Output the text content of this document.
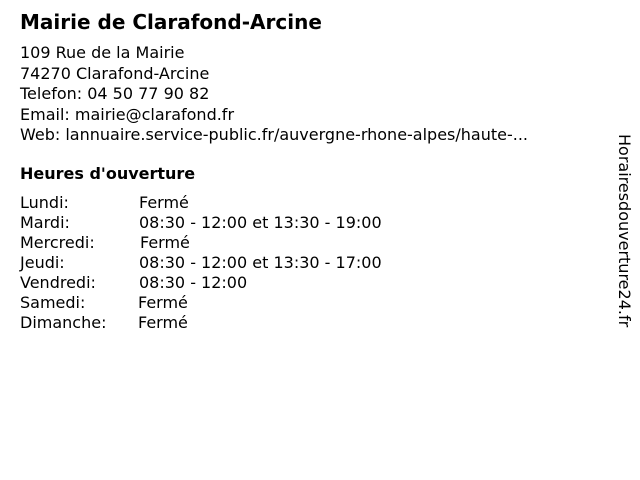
Mairie de Clarafond-Arcine
109 Rue de la Mairie
74270 Clarafond-Arcine
Telefon: 04 50 77 90 82
Email: mairie@clarafond.fr
Web: lannuaire.service-public.fr/auvergne-rhone-alpes/haute-...
Heures d'ouverture
Lundi:	Fermé
Mardi:	08:30 - 12:00 et 13:30 - 19:00
Mercredi:	Fermé
Jeudi:	08:30 - 12:00 et 13:30 - 17:00
Vendredi:	08:30 - 12:00
Samedi:	Fermé
Dimanche: Fermé	Horairesdouverture24.fr
